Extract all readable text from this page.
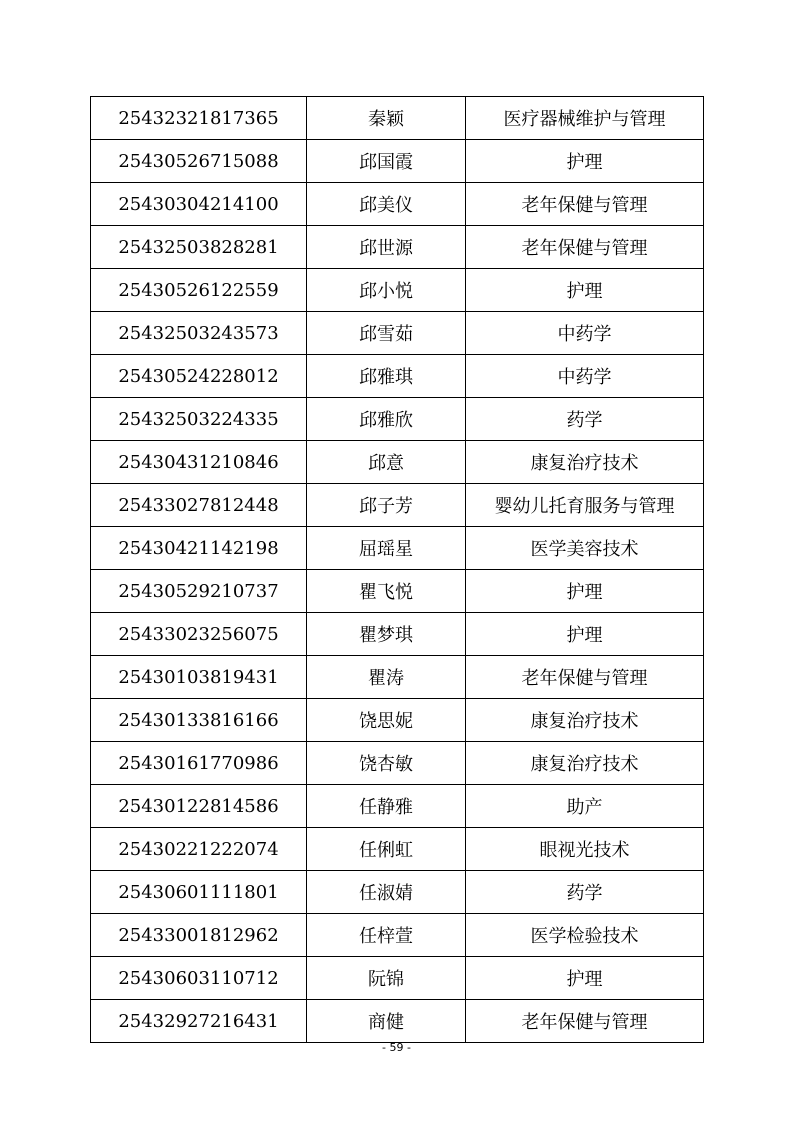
25432321817365	秦颖	医疗器械维护与管理
25430526715088	邱国霞	护理
25430304214100	邱美仪	老年保健与管理
25432503828281	邱世源	老年保健与管理
25430526122559	邱小悦	护理
25432503243573	邱雪茹	中药学
25430524228012	邱雅琪	中药学
25432503224335	邱雅欣	药学
25430431210846	邱意	康复治疗技术
25433027812448	邱子芳	婴幼儿托育服务与管理
25430421142198	屈瑶星	医学美容技术
25430529210737	瞿飞悦	护理
25433023256075	瞿梦琪	护理
25430103819431	瞿涛	老年保健与管理
25430133816166	饶思妮	康复治疗技术
25430161770986	饶杏敏	康复治疗技术
25430122814586	任静雅	助产
25430221222074	任俐虹	眼视光技术
25430601111801	任淑婧	药学
25433001812962	任梓萱	医学检验技术
25430603110712	阮锦	护理
25432927216431	商健	老年保健与管理
- 59 -
